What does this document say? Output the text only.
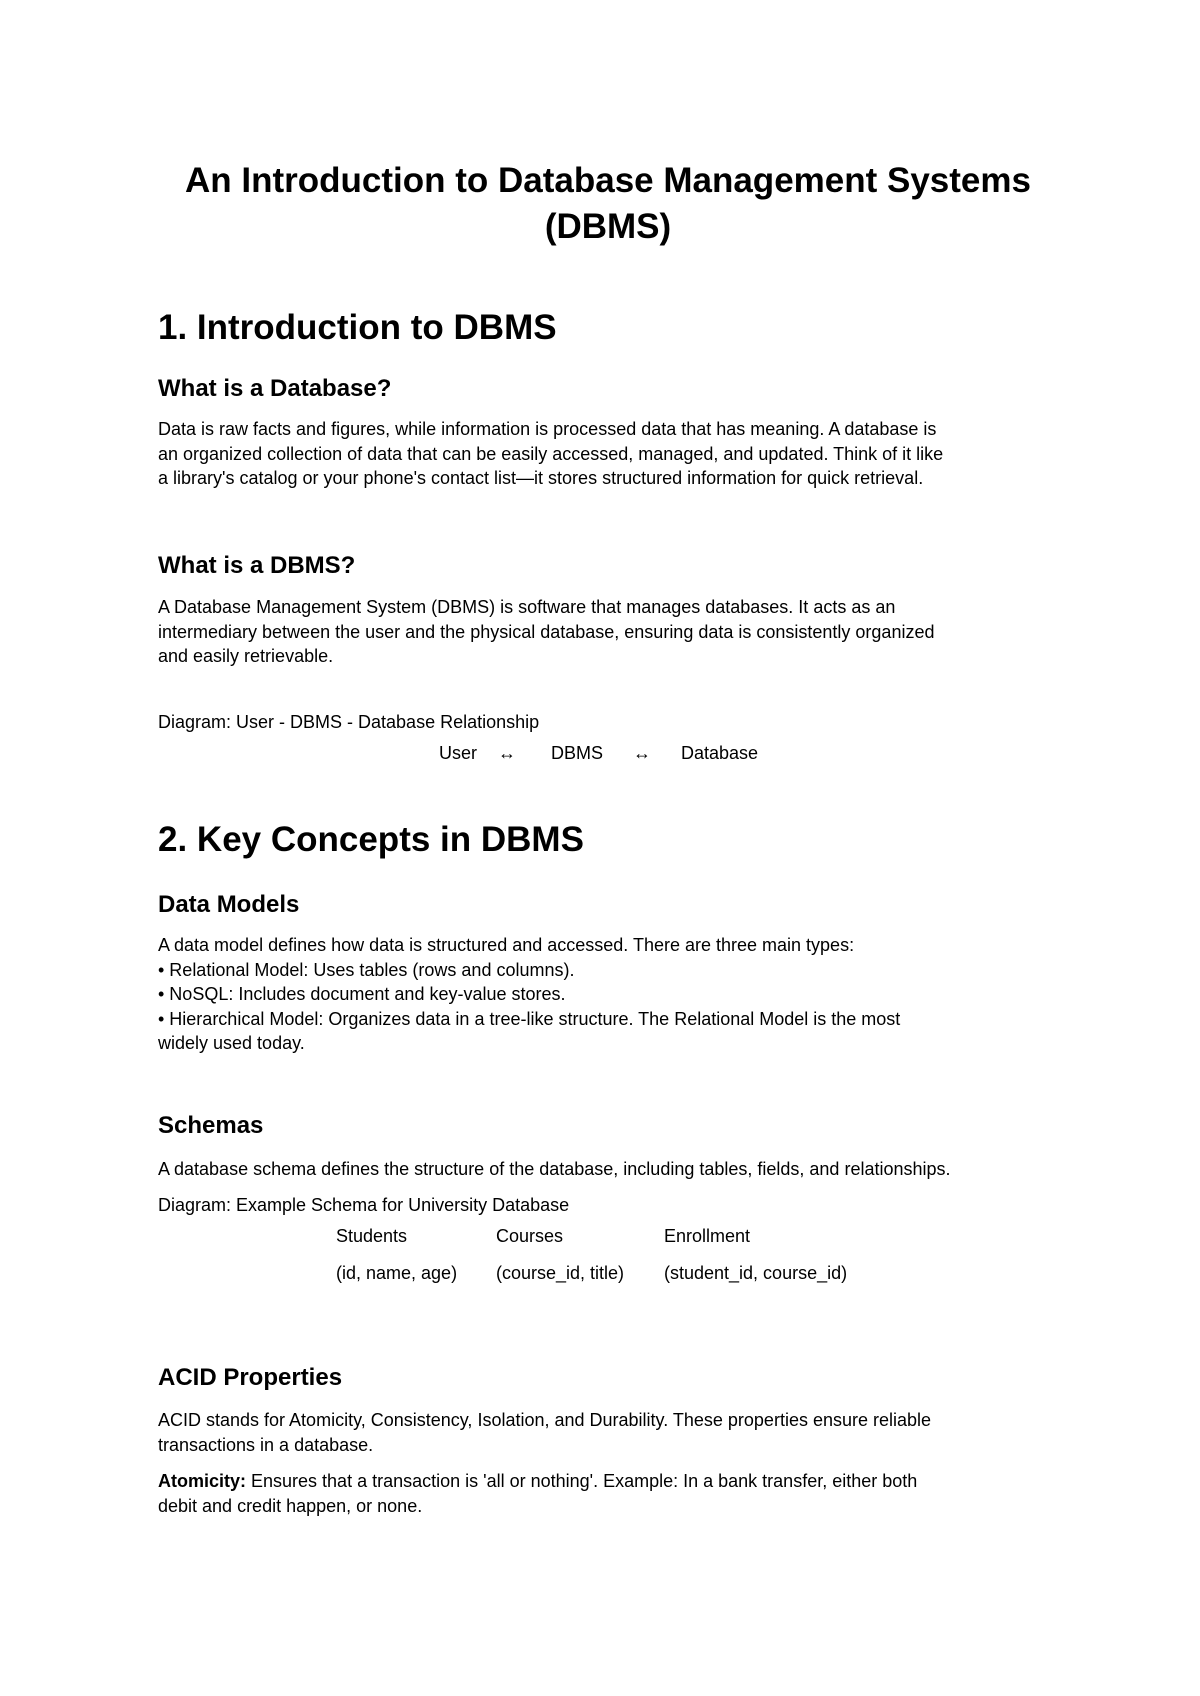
An Introduction to Database Management Systems
(DBMS)
1. Introduction to DBMS
What is a Database?

Data is raw facts and figures, while information is processed data that has meaning. A database is
an organized collection of data that can be easily accessed, managed, and updated. Think of it like
a library's catalog or your phone's contact list—it stores structured information for quick retrieval.

What is a DBMS?

A Database Management System (DBMS) is software that manages databases. It acts as an
intermediary between the user and the physical database, ensuring data is consistently organized
and easily retrievable.

Diagram: User - DBMS - Database Relationship

User ↔ DBMS ↔ Database
2. Key Concepts in DBMS
Data Models

A data model defines how data is structured and accessed. There are three main types:
• Relational Model: Uses tables (rows and columns).
• NoSQL: Includes document and key-value stores.
• Hierarchical Model: Organizes data in a tree-like structure. The Relational Model is the most
widely used today.

Schemas

A database schema defines the structure of the database, including tables, fields, and relationships.

Diagram: Example Schema for University Database

Students	Courses	Enrollment
(id, name, age) (course_id, title) (student_id, course_id)
ACID Properties

ACID stands for Atomicity, Consistency, Isolation, and Durability. These properties ensure reliable
transactions in a database.

Atomicity: Ensures that a transaction is 'all or nothing'. Example: In a bank transfer, either both
debit and credit happen, or none.
